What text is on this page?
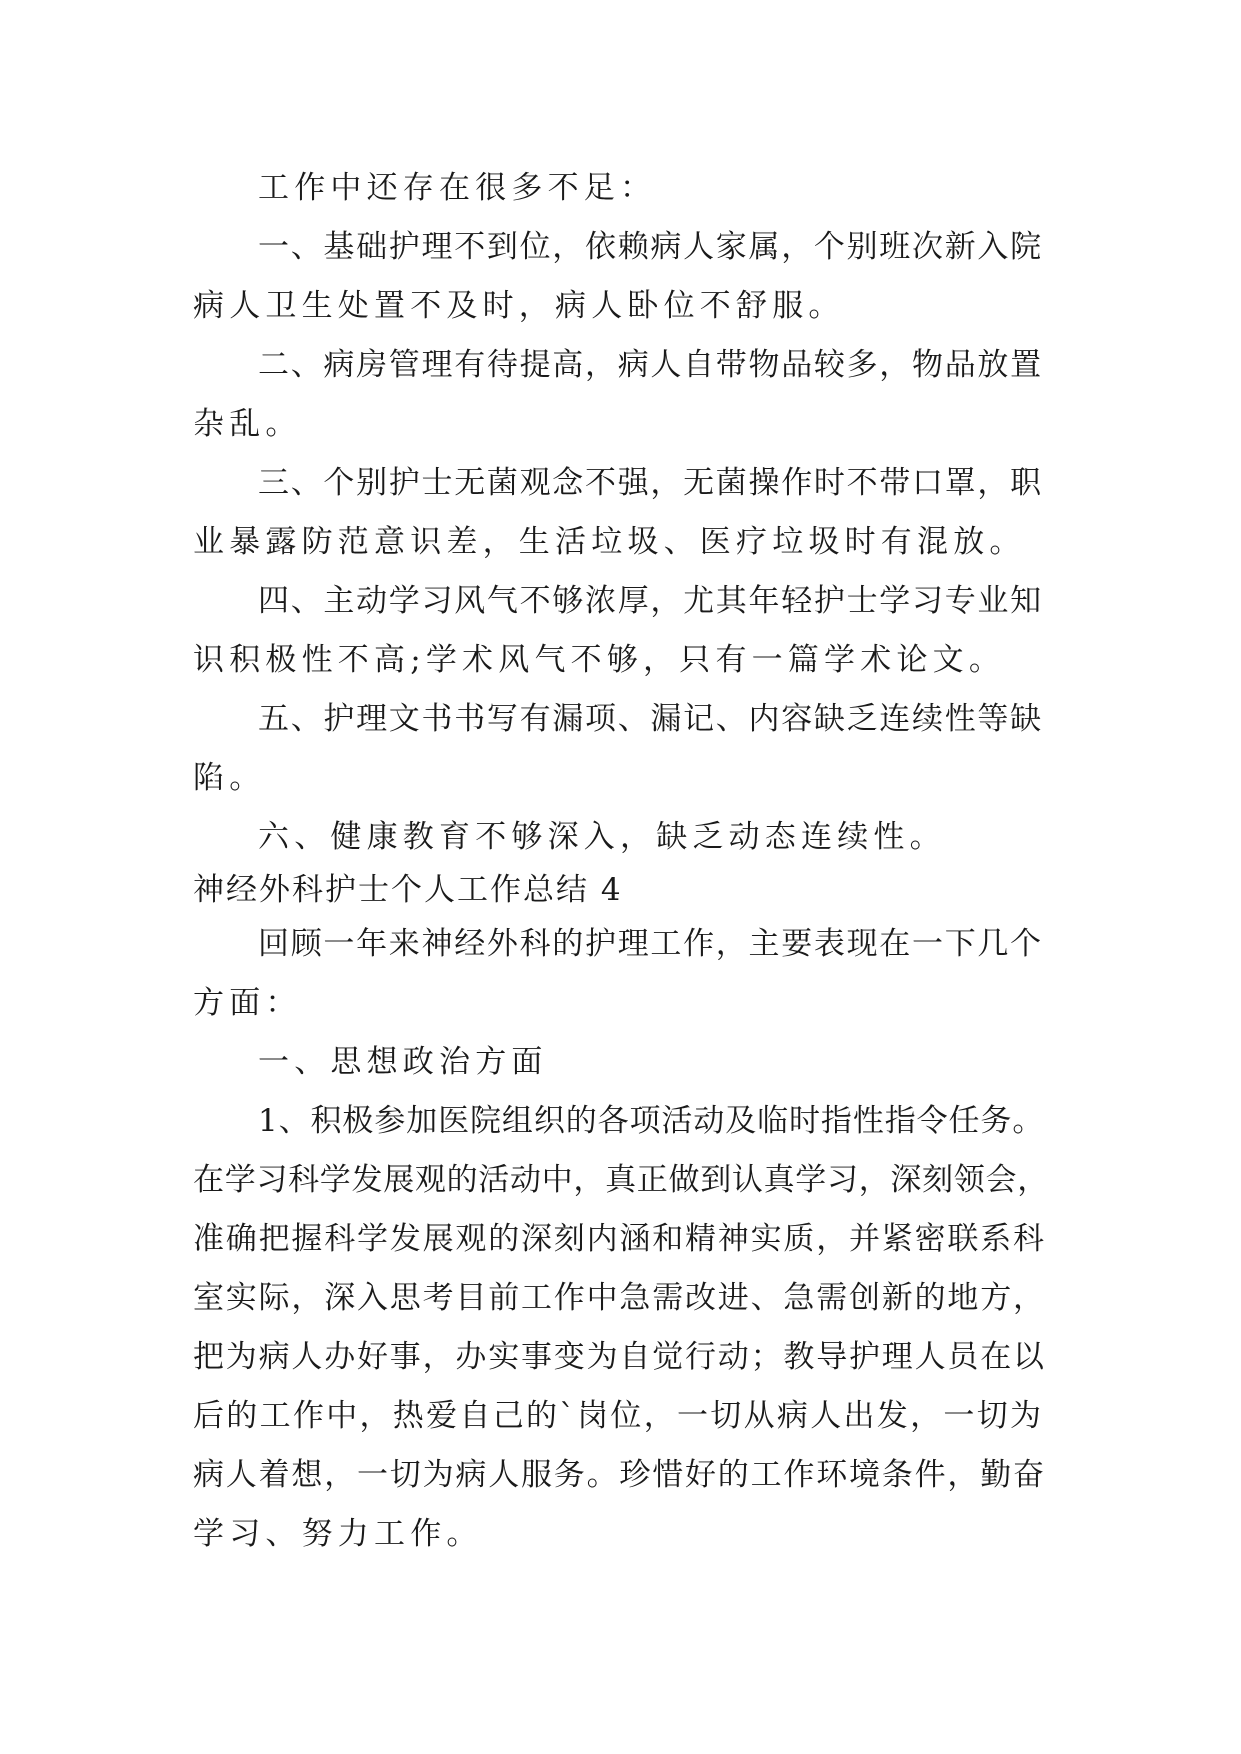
工作中还存在很多不足：
一、基础护理不到位，依赖病人家属，个别班次新入院
病人卫生处置不及时，病人卧位不舒服。
二、病房管理有待提高，病人自带物品较多，物品放置
杂乱。
三、个别护士无菌观念不强，无菌操作时不带口罩，职
业暴露防范意识差，生活垃圾、医疗垃圾时有混放。
四、主动学习风气不够浓厚，尤其年轻护士学习专业知
识积极性不高;学术风气不够，只有一篇学术论文。
五、护理文书书写有漏项、漏记、内容缺乏连续性等缺
陷。
六、健康教育不够深入，缺乏动态连续性。
神经外科护士个人工作总结 4
回顾一年来神经外科的护理工作，主要表现在一下几个
方面：
一、思想政治方面
1、积极参加医院组织的各项活动及临时指性指令任务。
在学习科学发展观的活动中，真正做到认真学习，深刻领会，
准确把握科学发展观的深刻内涵和精神实质，并紧密联系科
室实际，深入思考目前工作中急需改进、急需创新的地方，
把为病人办好事，办实事变为自觉行动；教导护理人员在以
后的工作中，热爱自己的`岗位，一切从病人出发，一切为
病人着想，一切为病人服务。珍惜好的工作环境条件，勤奋
学习、努力工作。
